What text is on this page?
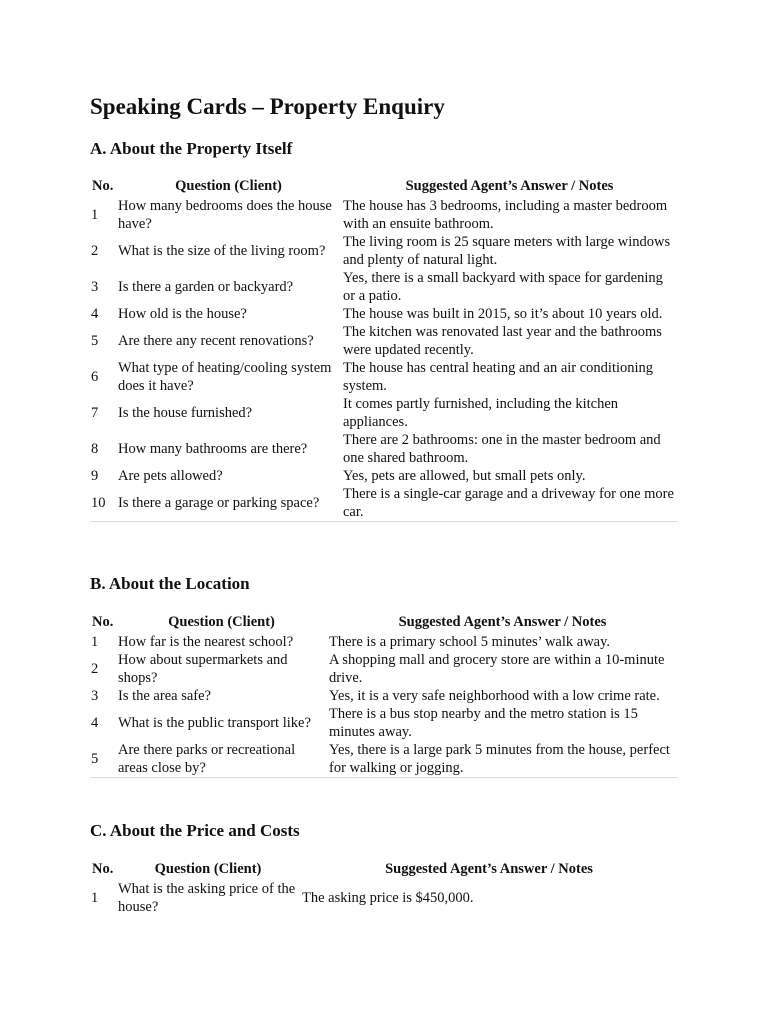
Speaking Cards – Property Enquiry
A. About the Property Itself
No.	Question (Client)	Suggested Agent’s Answer / Notes
1	How many bedrooms does the house have?	The house has 3 bedrooms, including a master bedroom with an ensuite bathroom.
2	What is the size of the living room?	The living room is 25 square meters with large windows and plenty of natural light.
3	Is there a garden or backyard?	Yes, there is a small backyard with space for gardening or a patio.
4	How old is the house?	The house was built in 2015, so it’s about 10 years old.
5	Are there any recent renovations?	The kitchen was renovated last year and the bathrooms were updated recently.
6	What type of heating/cooling system does it have?	The house has central heating and an air conditioning system.
7	Is the house furnished?	It comes partly furnished, including the kitchen appliances.
8	How many bathrooms are there?	There are 2 bathrooms: one in the master bedroom and one shared bathroom.
9	Are pets allowed?	Yes, pets are allowed, but small pets only.
10	Is there a garage or parking space?	There is a single-car garage and a driveway for one more car.
B. About the Location
No.	Question (Client)	Suggested Agent’s Answer / Notes
1	How far is the nearest school?	There is a primary school 5 minutes’ walk away.
2	How about supermarkets and shops?	A shopping mall and grocery store are within a 10-minute drive.
3	Is the area safe?	Yes, it is a very safe neighborhood with a low crime rate.
4	What is the public transport like?	There is a bus stop nearby and the metro station is 15 minutes away.
5	Are there parks or recreational areas close by?	Yes, there is a large park 5 minutes from the house, perfect for walking or jogging.
C. About the Price and Costs
No.	Question (Client)	Suggested Agent’s Answer / Notes
1	What is the asking price of the house?	The asking price is $450,000.
